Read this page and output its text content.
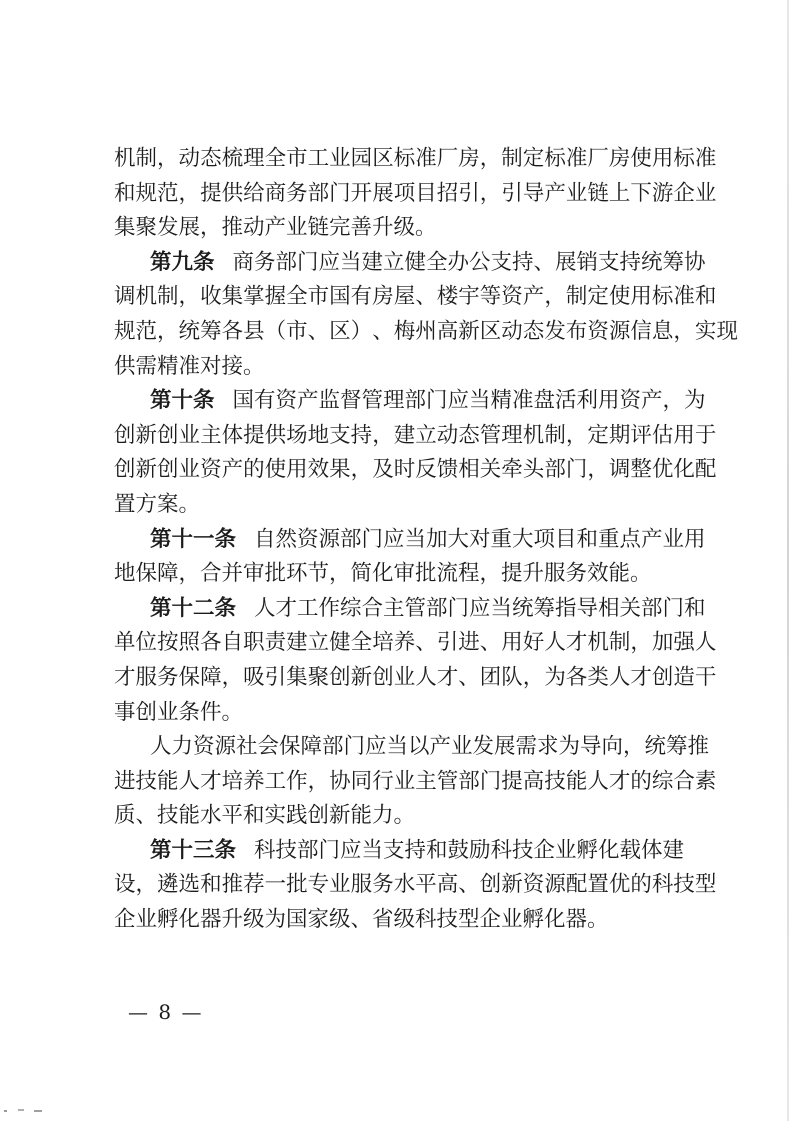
机 制 ， 动 态 梳 理 全 市 工 业 园 区 标 准 厂 房 ， 制 定 标 准 厂 房 使 用 标 准
和 规 范 ， 提 供 给 商 务 部 门 开 展 项 目 招 引 ， 引 导 产 业 链 上 下 游 企 业
集聚发展，推动产业链完善升级。
第九条 商务部门应当建立健全办公支持、展销支持统筹协
调 机 制 ， 收 集 掌 握 全 市 国 有 房 屋 、 楼 宇 等 资 产 ， 制 定 使 用 标 准 和
规 范 ， 统 筹 各 县 （ 市 、 区 ） 、 梅 州 高 新 区 动 态 发 布 资 源 信 息 ， 实 现
供需精准对接。
第十条 国有资产监督管理部门应当精准盘活利用资产，为
创 新 创 业 主 体 提 供 场 地 支 持 ， 建 立 动 态 管 理 机 制 ， 定 期 评 估 用 于
创 新 创 业 资 产 的 使 用 效 果 ， 及 时 反 馈 相 关 牵 头 部 门 ， 调 整 优 化 配
置方案。
第十一条 自然资源部门应当加大对重大项目和重点产业用
地保障，合并审批环节，简化审批流程，提升服务效能。
第十二条 人才工作综合主管部门应当统筹指导相关部门和
单 位 按 照 各 自 职 责 建 立 健 全 培 养 、 引 进 、 用 好 人 才 机 制 ， 加 强 人
才 服 务 保 障 ， 吸 引 集 聚 创 新 创 业 人 才 、 团 队 ， 为 各 类 人 才 创 造 干
事创业条件。
人力资源社会保障部门应当以产业发展需求为导向，统筹推
进 技 能 人 才 培 养 工 作 ， 协 同 行 业 主 管 部 门 提 高 技 能 人 才 的 综 合 素
质、技能水平和实践创新能力。
第十三条 科技部门应当支持和鼓励科技企业孵化载体建
设 ， 遴 选 和 推 荐 一 批 专 业 服 务 水 平 高 、 创 新 资 源 配 置 优 的 科 技 型
企业孵化器升级为国家级、省级科技型企业孵化器。
— 8 —
